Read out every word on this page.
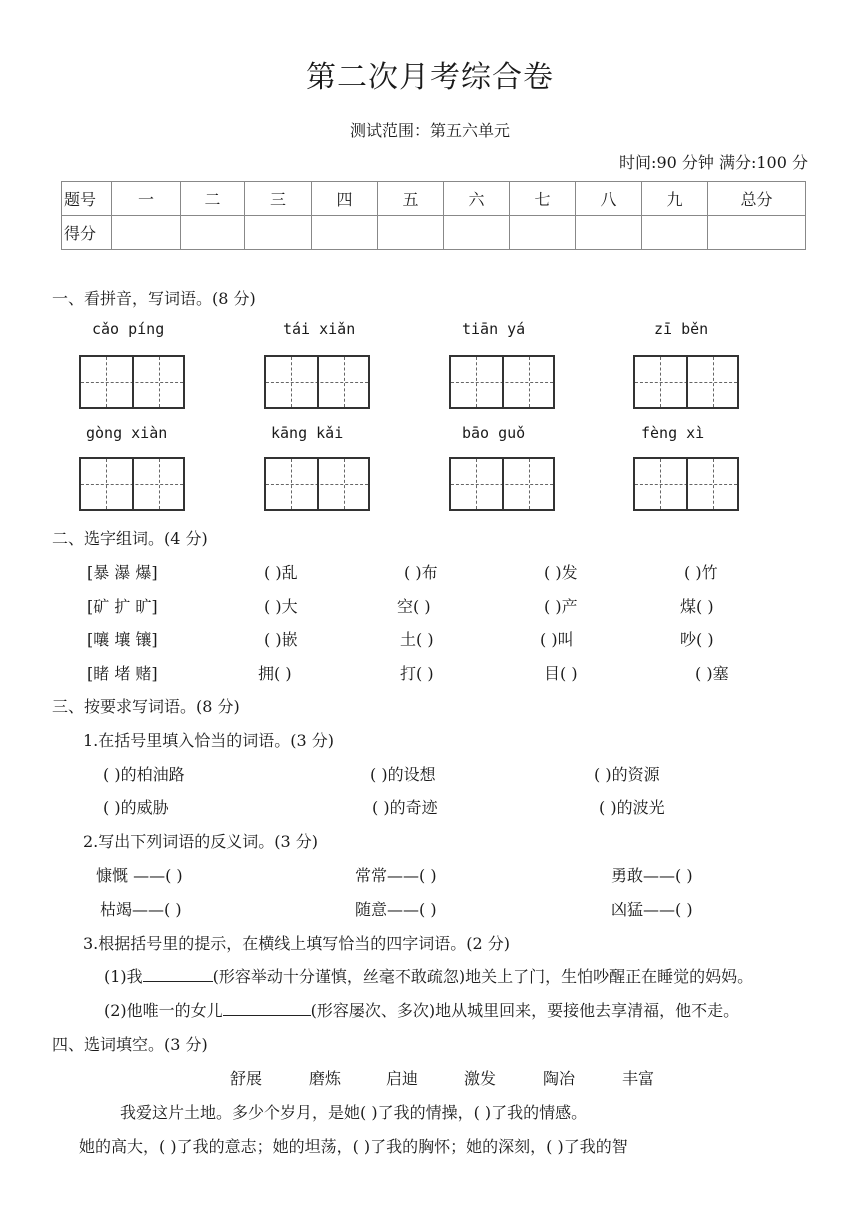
第二次月考综合卷
测试范围：第五六单元
时间:90 分钟 满分:100 分
题号	一	二	三	四	五	六	七	八	九	总分
得分										
一、看拼音，写词语。(8 分)
cǎo píng	tái xiǎn	tiān yá	zī běn
gòng xiàn	kāng kǎi	bāo guǒ	fèng xì
二、选字组词。(4 分)
[暴 瀑 爆]	( )乱	( )布	( )发	( )竹
[矿 扩 旷]	( )大	空( )	( )产	煤( )
[嚷 壤 镶]	( )嵌	土( )	( )叫	吵( )
[睹 堵 赌]	拥( )	打( )	目( )	( )塞
三、按要求写词语。(8 分)
1.在括号里填入恰当的词语。(3 分)
( )的柏油路	( )的设想	( )的资源
( )的威胁	( )的奇迹	( )的波光
2.写出下列词语的反义词。(3 分)
慷慨 ——( )	常常——( )	勇敢——( )
枯竭——( )	随意——( )	凶猛——( )
3.根据括号里的提示，在横线上填写恰当的四字词语。(2 分)
(1)我	(形容举动十分谨慎，丝毫不敢疏忽)地关上了门，生怕吵醒正在睡觉的妈妈。
(2)他唯一的女儿	(形容屡次、多次)地从城里回来，要接他去享清福，他不走。
四、选词填空。(3 分)
舒展	磨炼	启迪	激发	陶冶	丰富
我爱这片土地。多少个岁月，是她( )了我的情操，( )了我的情感。
她的高大，( )了我的意志；她的坦荡，( )了我的胸怀；她的深刻，( )了我的智
